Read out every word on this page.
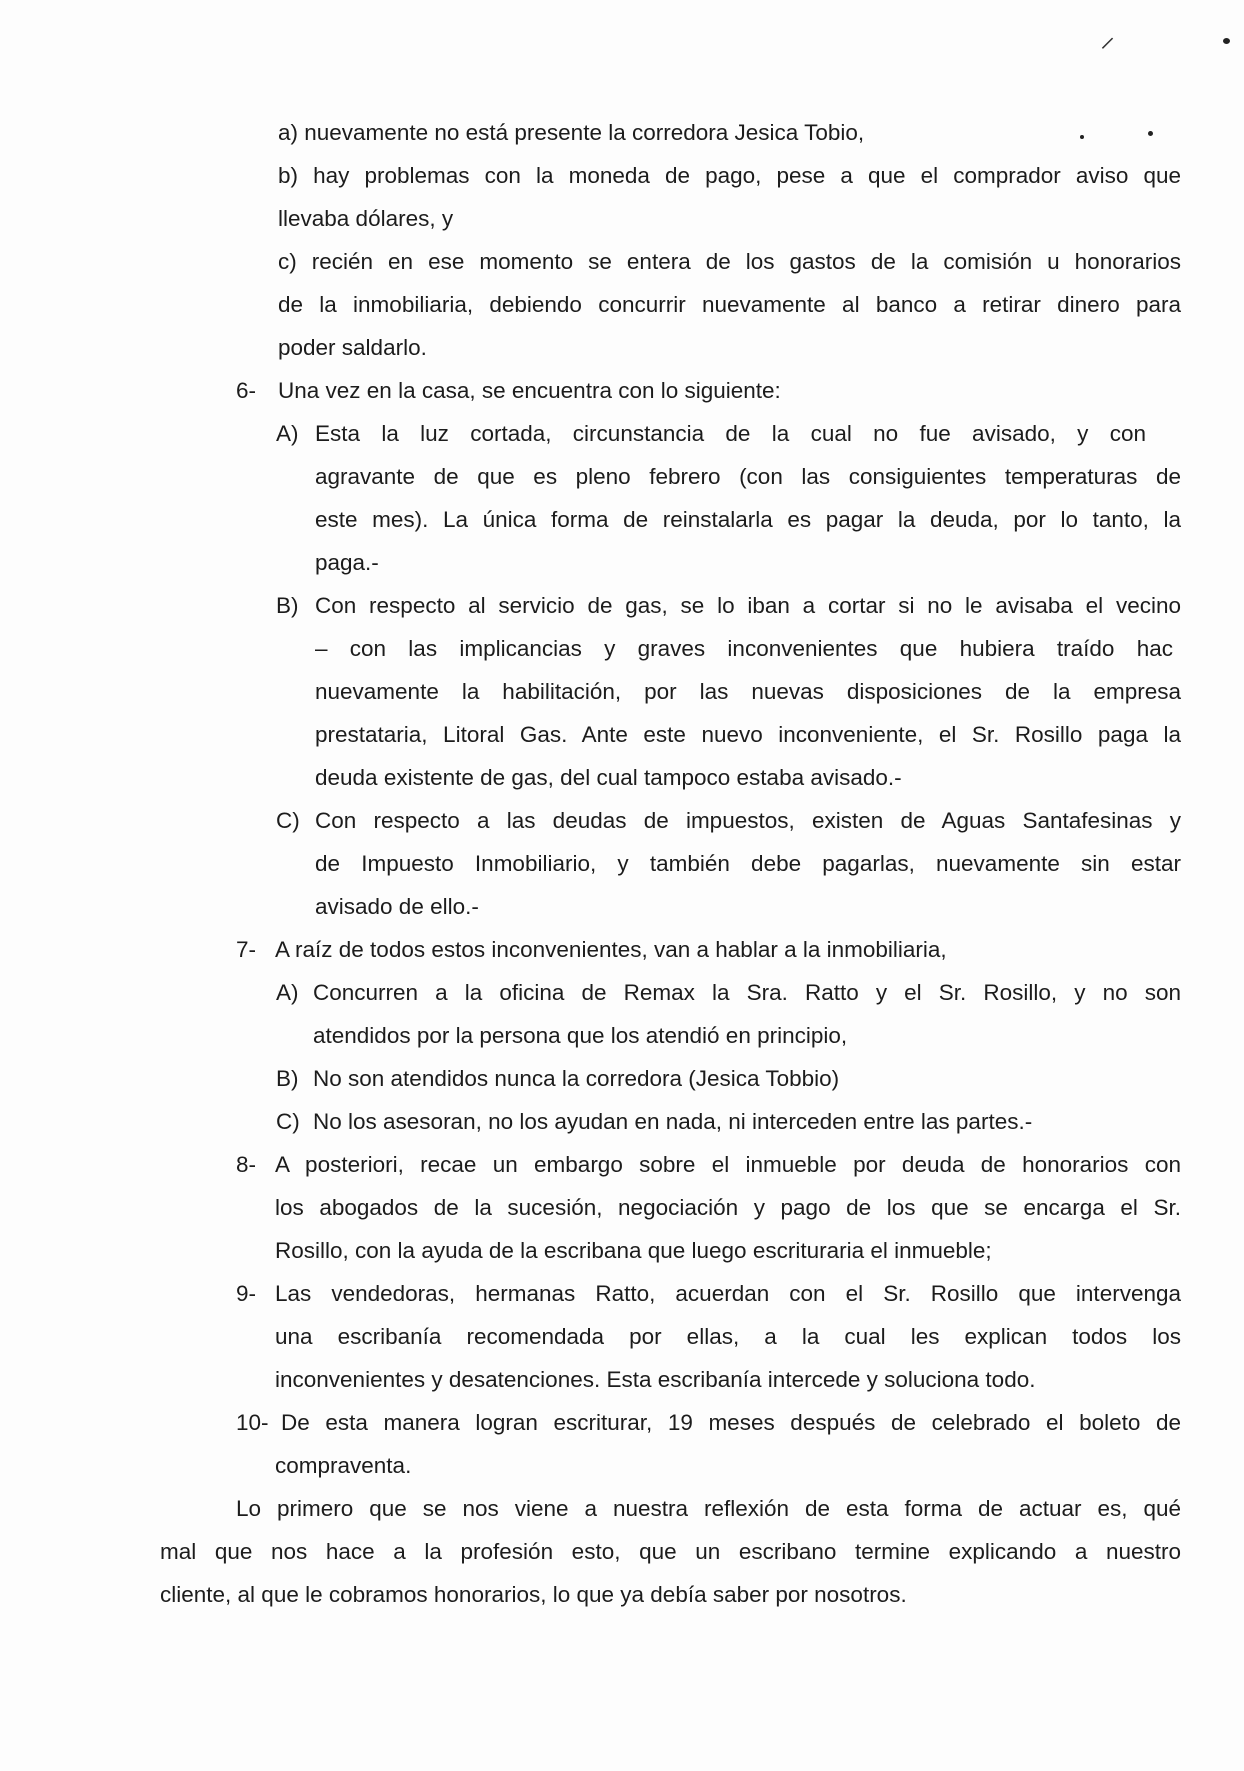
⸍
a) nuevamente no está presente la corredora Jesica Tobio,
b) hay problemas con la moneda de pago, pese a que el comprador aviso que
llevaba dólares, y
c) recién en ese momento se entera de los gastos de la comisión u honorarios
de la inmobiliaria, debiendo concurrir nuevamente al banco a retirar dinero para
poder saldarlo.
6- Una vez en la casa, se encuentra con lo siguiente:
A) Esta la luz cortada, circunstancia de la cual no fue avisado, y con
agravante de que es pleno febrero (con las consiguientes temperaturas de
este mes). La única forma de reinstalarla es pagar la deuda, por lo tanto, la
paga.-
B) Con respecto al servicio de gas, se lo iban a cortar si no le avisaba el vecino
– con las implicancias y graves inconvenientes que hubiera traído hac
nuevamente la habilitación, por las nuevas disposiciones de la empresa
prestataria, Litoral Gas. Ante este nuevo inconveniente, el Sr. Rosillo paga la
deuda existente de gas, del cual tampoco estaba avisado.-
C) Con respecto a las deudas de impuestos, existen de Aguas Santafesinas y
de Impuesto Inmobiliario, y también debe pagarlas, nuevamente sin estar
avisado de ello.-
7- A raíz de todos estos inconvenientes, van a hablar a la inmobiliaria,
A) Concurren a la oficina de Remax la Sra. Ratto y el Sr. Rosillo, y no son
atendidos por la persona que los atendió en principio,
B) No son atendidos nunca la corredora (Jesica Tobbio)
C) No los asesoran, no los ayudan en nada, ni interceden entre las partes.-
8- A posteriori, recae un embargo sobre el inmueble por deuda de honorarios con
los abogados de la sucesión, negociación y pago de los que se encarga el Sr.
Rosillo, con la ayuda de la escribana que luego escrituraria el inmueble;
9- Las vendedoras, hermanas Ratto, acuerdan con el Sr. Rosillo que intervenga
una escribanía recomendada por ellas, a la cual les explican todos los
inconvenientes y desatenciones. Esta escribanía intercede y soluciona todo.
10- De esta manera logran escriturar, 19 meses después de celebrado el boleto de
compraventa.
Lo primero que se nos viene a nuestra reflexión de esta forma de actuar es, qué
mal que nos hace a la profesión esto, que un escribano termine explicando a nuestro
cliente, al que le cobramos honorarios, lo que ya debía saber por nosotros.
